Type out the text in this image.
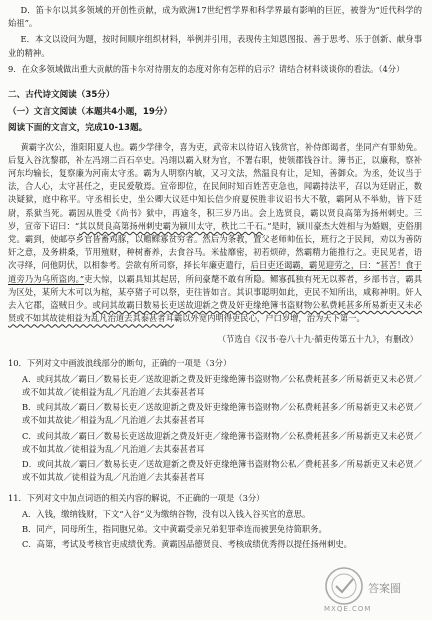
D．笛卡尔以其多领域的开创性贡献，成为欧洲17世纪哲学界和科学界最有影响的巨匠，被誉为“近代科学的始祖”。

E．本文以设问为题，按时间顺序组织材料，举例并引用，表现传主知恩图报、善于思考、乐于创新、献身事业的精神。

9．在众多领域做出重大贡献的笛卡尔对待朋友的态度对你有怎样的启示？请结合材料谈谈你的看法。（4分）

二、古代诗文阅读（35分）

（一）文言文阅读（本题共4小题，19分）

阅读下面的文言文，完成10-13题。

黄霸字次公，淮阳阳夏人也。霸少学律令，喜为吏，武帝末以待诏入钱赏官，补侍郎谒者，坐同产有罪劾免。后复入谷沈黎郡，补左冯翊二百石卒史。冯翊以霸入财为官，不署右职，使领郡钱谷计。簿书正，以廉称，察补河东均输长，复察廉为河南太守丞。霸为人明察内敏，又习文法，然温良有让，足知，善御众。为丞，处议当于法，合人心，太守甚任之，吏民爱敬焉。宣帝即位，在民间时知百姓苦吏急也，闻霸持法平，召以为廷尉正，数决疑狱，庭中称平。守丞相长史，坐公卿大议廷中知长信少府夏侯胜非议诏书大不敬，霸阿从不举劾，皆下廷尉，系狱当死。霸因从胜受《尚书》狱中，再逾冬，积三岁乃出。会上选贤良，霸以贤良高第为扬州刺史。三岁，宣帝下诏曰：“其以贤良高第扬州刺史霸为颍川太守，秩比二千石。”是时，颍川豪杰大姓相与为婚姻，吏俗朋党。霸到，使邮亭乡官皆畜鸡豚，以赡鳏寡贫穷者。然后为条教，置父老师帅伍长，班行之于民间，劝以为善防奸之意，及务耕桑，节用殖财，种树畜养，去食谷马。米盐靡密，初若烦碎，然霸精力能推行之。吏民见者，语次寻绎，问他阴伏，以相参考。尝欲有所司察，择长年廉吏遣行，后日吏还谒霸，霸见迎劳之，曰：“甚苦！食于道旁乃为乌所盗肉。”吏大惊，以霸具知其起居，所问豪氂不敢有所隐。鳏寡孤独有死无以葬者，乡部书言，霸具为区处，某所大木可以为棺，某亭猪子可以祭，吏往皆如言。其识事聪明如此，吏民不知所出，咸称神明。奸人去入它郡，盗贼日少。或问其故霸曰数易长吏送故迎新之费及奸吏缘绝簿书盗财物公私费耗甚多所易新吏又未必贤或不如其故徒相益为乱凡治道去其泰甚者耳霸以外宽内明得吏民心，户口岁增，治为天下第一。

（节选自《汉书·卷八十九·循吏传第五十九》，有删改）

10．下列对文中画波浪线部分的断句，正确的一项是（3分）

A．或问其故／霸曰／数易长吏／送故迎新之费及奸吏缘绝簿书盗财物／公私费耗甚多／所易新吏又未必贤／或不如其故／徒相益为乱／凡治道／去其泰甚者耳

B．或问其故／霸曰／数易长吏／送故迎新之费及奸吏缘绝簿书盗财物／公私费耗甚多／所易新吏又未必贤／或不如其故徒／相益为乱／凡治道／去其泰甚者耳

C．或问其故／霸曰／数易长吏送故迎新之费及奸吏／缘绝簿书盗财物／公私费耗甚多／所易新吏又未必贤／或不如其故／徒相益为乱／凡治道／去其泰甚者耳

D．或问其故／霸曰／数易长吏／送故迎新之费及奸吏缘绝簿书盗财物公私／费耗甚多／所易新吏又未必贤／或不如其故／徒相益为乱／凡治道／去其泰甚者耳

11．下列对文中加点词语的相关内容的解说，不正确的一项是（3分）

A．入钱，缴纳钱财，下文“入谷”义为缴纳谷物，没有以入钱入谷买官的意思。

B．同产，同母所生，指同胞兄弟。文中黄霸受亲兄弟犯罪牵连而被罢免待简职务。

C．高第，考试及考核官吏成绩优秀。黄霸因品德贤良、考核成绩优秀得以提任扬州刺史。

答案圈
MXQE.COM
